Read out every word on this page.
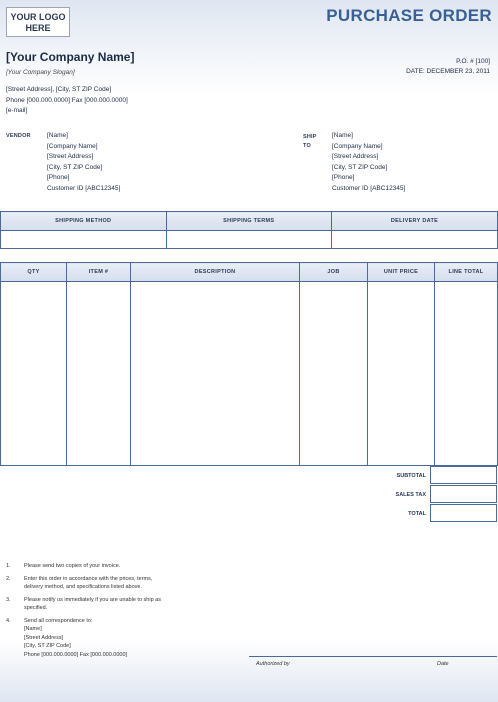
YOUR LOGO
HERE
PURCHASE ORDER
[Your Company Name]
[Your Company Slogan]
P.O. # [100]
DATE: DECEMBER 23, 2011
[Street Address], [City, ST ZIP Code]
Phone [000.000.0000] Fax [000.000.0000]
[e-mail]
VENDOR	[Name]
[Company Name]
[Street Address]
[City, ST ZIP Code]
[Phone]
Customer ID [ABC12345]
SHIP
TO
[Name]
[Company Name]
[Street Address]
[City, ST ZIP Code]
[Phone]
Customer ID [ABC12345]
SHIPPING METHOD	SHIPPING TERMS	DELIVERY DATE

QTY	ITEM #	DESCRIPTION	JOB	UNIT PRICE	LINE TOTAL

SUBTOTAL
SALES TAX
TOTAL
1. Please send two copies of your invoice.
2. Enter this order in accordance with the prices, terms,
delivery method, and specifications listed above.
3. Please notify us immediately if you are unable to ship as
specified.
4. Send all correspondence to:
[Name]
[Street Address]
[City, ST ZIP Code]
Phone [000.000.0000] Fax [000.000.0000]
Authorized by	Date
